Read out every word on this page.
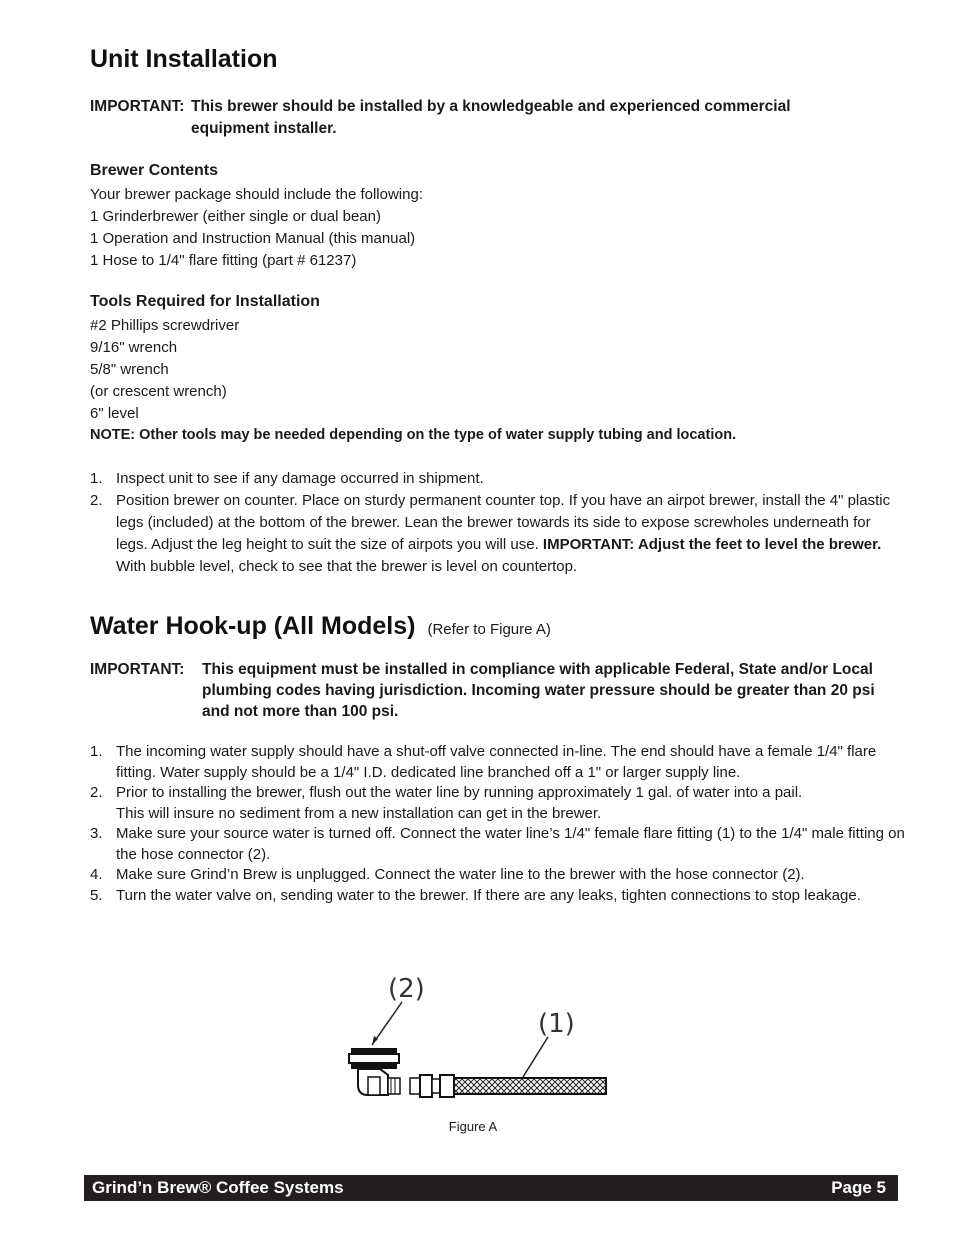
Unit Installation
IMPORTANT: This brewer should be installed by a knowledgeable and experienced commercial equipment installer.
Brewer Contents
Your brewer package should include the following:
1 Grinderbrewer (either single or dual bean)
1 Operation and Instruction Manual (this manual)
1 Hose to 1/4" flare fitting (part # 61237)
Tools Required for Installation
#2 Phillips screwdriver
9/16" wrench
5/8" wrench
(or crescent wrench)
6" level
NOTE: Other tools may be needed depending on the type of water supply tubing and location.
1. Inspect unit to see if any damage occurred in shipment.
2. Position brewer on counter. Place on sturdy permanent counter top. If you have an airpot brewer, install the 4" plastic legs (included) at the bottom of the brewer. Lean the brewer towards its side to expose screwholes underneath for legs. Adjust the leg height to suit the size of airpots you will use. IMPORTANT: Adjust the feet to level the brewer. With bubble level, check to see that the brewer is level on countertop.
Water Hook-up (All Models) (Refer to Figure A)
IMPORTANT:	This equipment must be installed in compliance with applicable Federal, State and/or Local plumbing codes having jurisdiction. Incoming water pressure should be greater than 20 psi and not more than 100 psi.
1. The incoming water supply should have a shut-off valve connected in-line. The end should have a female 1/4" flare fitting. Water supply should be a 1/4" I.D. dedicated line branched off a 1" or larger supply line.
2. Prior to installing the brewer, flush out the water line by running approximately 1 gal. of water into a pail.
This will insure no sediment from a new installation can get in the brewer.
3. Make sure your source water is turned off. Connect the water line’s 1/4" female flare fitting (1) to the 1/4" male fitting on the hose connector (2).
4. Make sure Grind’n Brew is unplugged. Connect the water line to the brewer with the hose connector (2).
5. Turn the water valve on, sending water to the brewer. If there are any leaks, tighten connections to stop leakage.
(2)
(1)
Figure A
Grind’n Brew® Coffee Systems	Page 5
